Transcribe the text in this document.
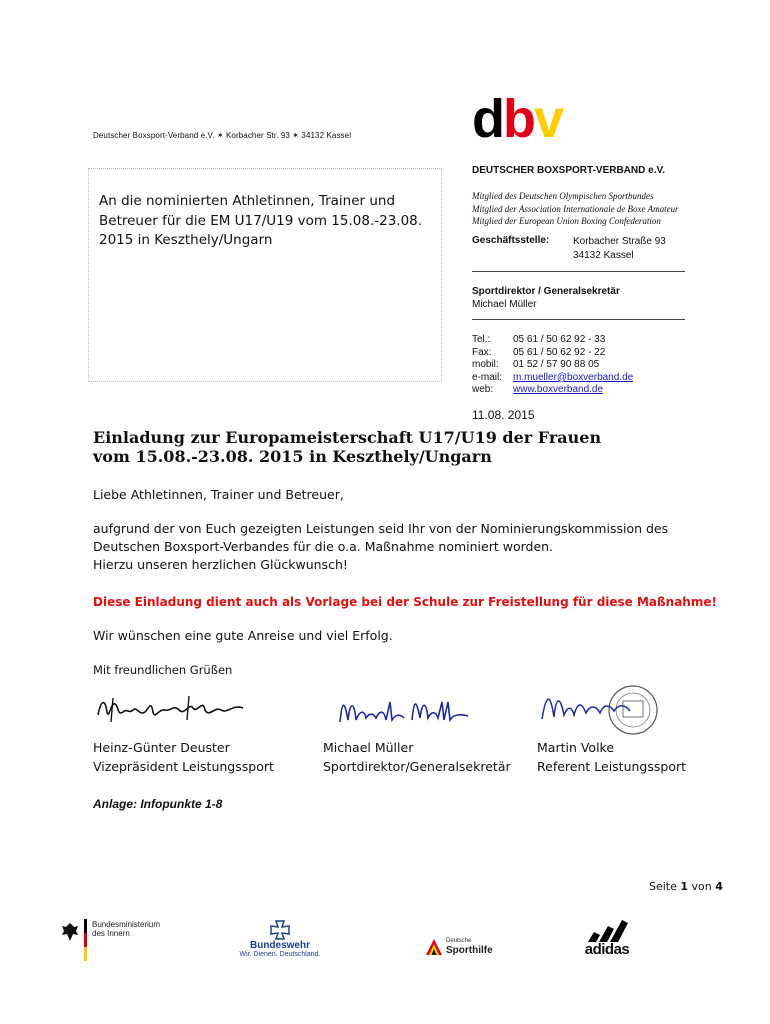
Deutscher Boxsport-Verband e.V. ✶ Korbacher Str. 93 ✶ 34132 Kassel dbv
An die nominierten Athletinnen, Trainer und
Betreuer für die EM U17/U19 vom 15.08.-23.08.
2015 in Keszthely/Ungarn
DEUTSCHER BOXSPORT-VERBAND e.V.
Mitglied des Deutschen Olympischen Sportbundes
Mitglied der Association Internationale de Boxe Amateur
Mitglied der European Union Boxing Confederation
Geschäftsstelle: Korbacher Straße 93
34132 Kassel
Sportdirektor / Generalsekretär
Michael Müller
Tel.:	05 61 / 50 62 92 - 33
Fax:	05 61 / 50 62 92 - 22
mobil:	01 52 / 57 90 88 05
e-mail:	m.mueller@boxverband.de
web:	www.boxverband.de
11.08. 2015
Einladung zur Europameisterschaft U17/U19 der Frauen
vom 15.08.-23.08. 2015 in Keszthely/Ungarn
Liebe Athletinnen, Trainer und Betreuer,
aufgrund der von Euch gezeigten Leistungen seid Ihr von der Nominierungskommission des
Deutschen Boxsport-Verbandes für die o.a. Maßnahme nominiert worden.
Hierzu unseren herzlichen Glückwunsch!
Diese Einladung dient auch als Vorlage bei der Schule zur Freistellung für diese Maßnahme!
Wir wünschen eine gute Anreise und viel Erfolg.
Mit freundlichen Grüßen
Heinz-Günter Deuster
Vizepräsident Leistungssport
Michael Müller
Sportdirektor/Generalsekretär
Martin Volke
Referent Leistungssport
Anlage: Infopunkte 1-8
Seite 1 von 4
Bundesministerium
des Innern
Bundeswehr
Wir. Dienen. Deutschland.
Deutsche
Sporthilfe	adidas
